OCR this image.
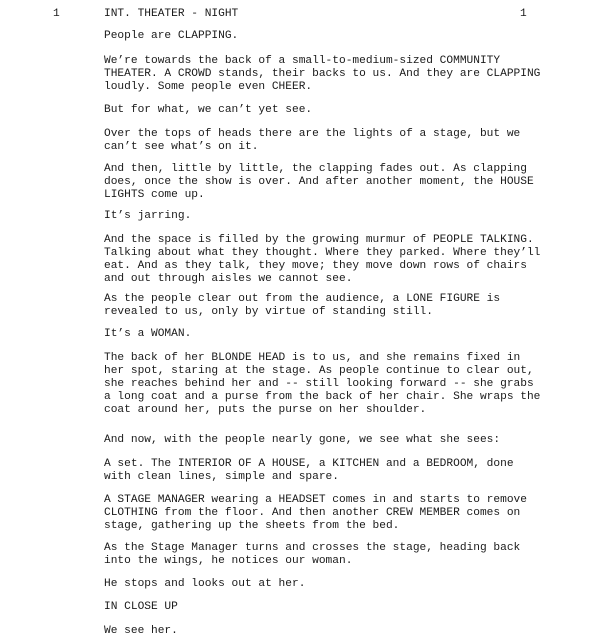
1	1

INT. THEATER - NIGHT

People are CLAPPING.

We’re towards the back of a small-to-medium-sized COMMUNITY THEATER. A CROWD stands, their backs to us. And they are CLAPPING loudly. Some people even CHEER.

But for what, we can’t yet see.

Over the tops of heads there are the lights of a stage, but we can’t see what’s on it.

And then, little by little, the clapping fades out. As clapping does, once the show is over. And after another moment, the HOUSE LIGHTS come up.

It’s jarring.

And the space is filled by the growing murmur of PEOPLE TALKING. Talking about what they thought. Where they parked. Where they’ll eat. And as they talk, they move; they move down rows of chairs and out through aisles we cannot see.

As the people clear out from the audience, a LONE FIGURE is revealed to us, only by virtue of standing still.

It’s a WOMAN.

The back of her BLONDE HEAD is to us, and she remains fixed in her spot, staring at the stage. As people continue to clear out, she reaches behind her and -- still looking forward -- she grabs a long coat and a purse from the back of her chair. She wraps the coat around her, puts the purse on her shoulder.

And now, with the people nearly gone, we see what she sees:

A set. The INTERIOR OF A HOUSE, a KITCHEN and a BEDROOM, done with clean lines, simple and spare.

A STAGE MANAGER wearing a HEADSET comes in and starts to remove CLOTHING from the floor. And then another CREW MEMBER comes on stage, gathering up the sheets from the bed.

As the Stage Manager turns and crosses the stage, heading back into the wings, he notices our woman.

He stops and looks out at her.

IN CLOSE UP

We see her.
